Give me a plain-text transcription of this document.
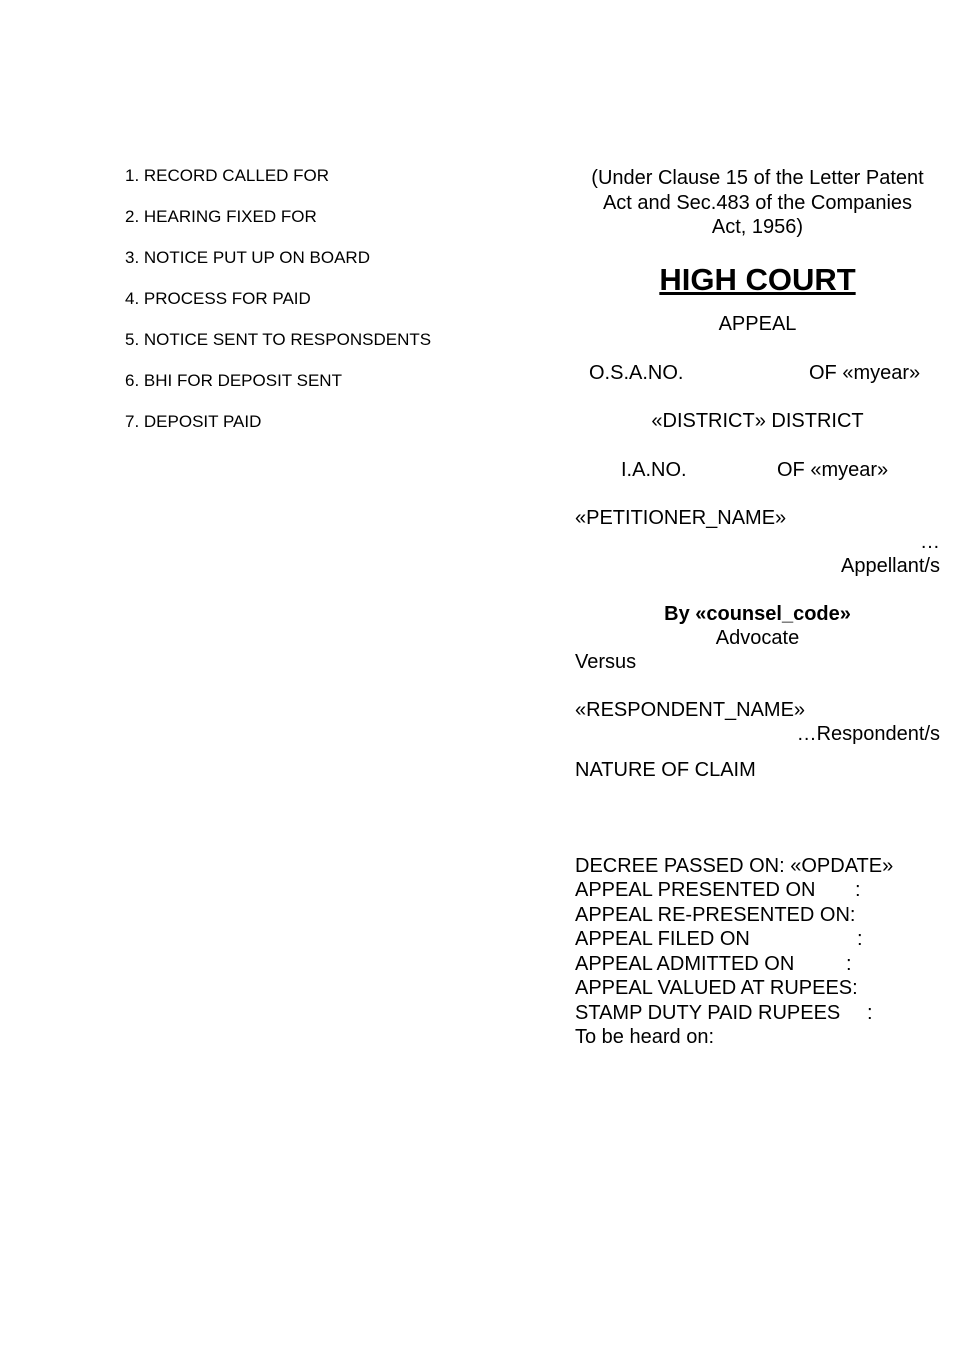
1. RECORD CALLED FOR
2. HEARING FIXED FOR
3. NOTICE PUT UP ON BOARD
4. PROCESS FOR PAID
5. NOTICE SENT TO RESPONSDENTS
6. BHI FOR DEPOSIT SENT
7. DEPOSIT PAID
(Under Clause 15 of the Letter Patent
Act and Sec.483 of the Companies
Act, 1956)
HIGH COURT
APPEAL
O.S.A.NO.	OF «myear»
«DISTRICT» DISTRICT
I.A.NO.	OF «myear»
«PETITIONER_NAME»
…
Appellant/s
By «counsel_code»
Advocate
Versus
«RESPONDENT_NAME»
…Respondent/s
NATURE OF CLAIM
DECREE PASSED ON: «OPDATE»
APPEAL PRESENTED ON :
APPEAL RE-PRESENTED ON:
APPEAL FILED ON	:
APPEAL ADMITTED ON	:
APPEAL VALUED AT RUPEES:
STAMP DUTY PAID RUPEES :
To be heard on:
